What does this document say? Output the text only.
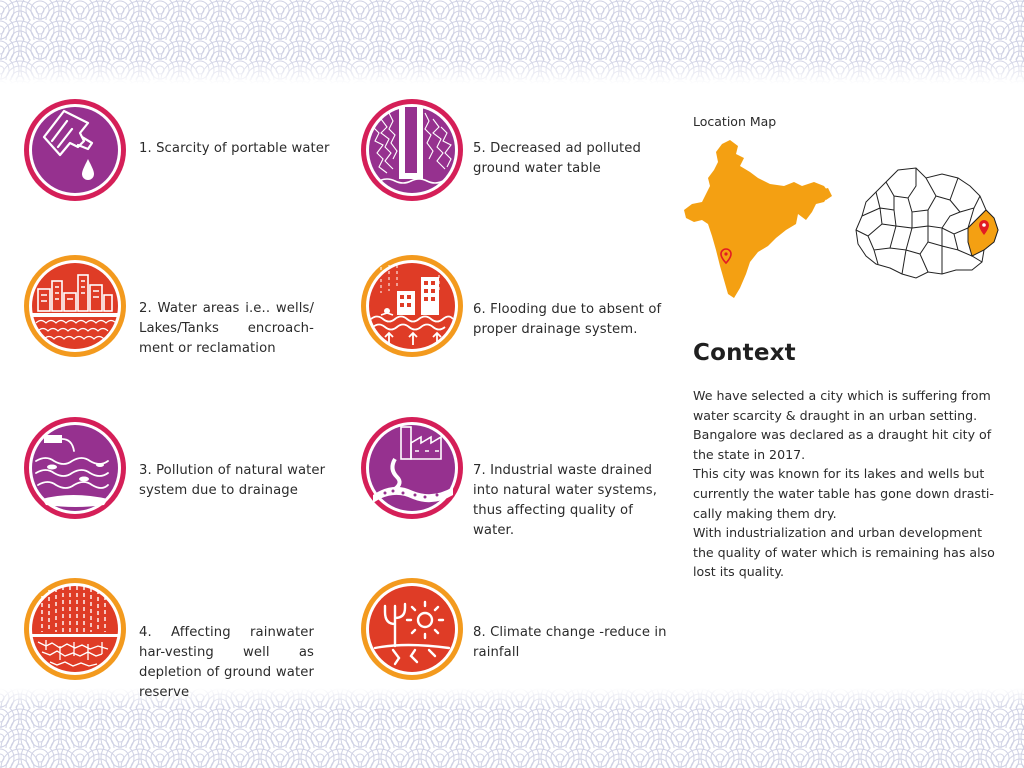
1. Scarcity of portable water
2. Water areas i.e.. wells/ Lakes/Tanks encroach-ment or reclamation
3. Pollution of natural water system due to drainage
4. Affecting rainwater har-vesting well as depletion of ground water reserve
5. Decreased ad polluted ground water table
6. Flooding due to absent of proper drainage system.
7. Industrial waste drained into natural water systems, thus affecting quality of water.
8. Climate change -reduce in rainfall
Location Map
Context

We have selected a city which is suffering from water scarcity & draught in an urban setting.

Bangalore was declared as a draught hit city of the state in 2017.

This city was known for its lakes and wells but currently the water table has gone down drasti-cally making them dry.

With industrialization and urban development the quality of water which is remaining has also lost its quality.
